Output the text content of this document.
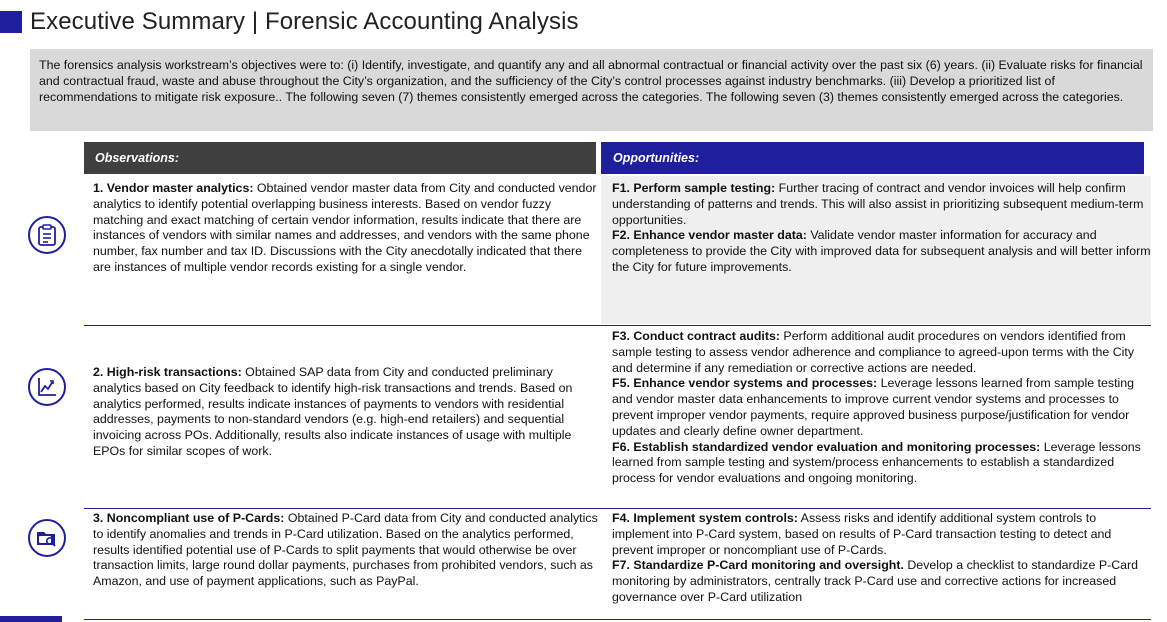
Executive Summary | Forensic Accounting Analysis
The forensics analysis workstream’s objectives were to: (i) Identify, investigate, and quantify any and all abnormal contractual or financial activity over the past six (6) years. (ii) Evaluate risks for financial and contractual fraud, waste and abuse throughout the City’s organization, and the sufficiency of the City’s control processes against industry benchmarks. (iii) Develop a prioritized list of recommendations to mitigate risk exposure.. The following seven (7) themes consistently emerged across the categories. The following seven (3) themes consistently emerged across the categories.
Observations:	Opportunities:
1. Vendor master analytics: Obtained vendor master data from City and conducted vendor analytics to identify potential overlapping business interests. Based on vendor fuzzy matching and exact matching of certain vendor information, results indicate that there are instances of vendors with similar names and addresses, and vendors with the same phone number, fax number and tax ID. Discussions with the City anecdotally indicated that there are instances of multiple vendor records existing for a single vendor.
F1. Perform sample testing: Further tracing of contract and vendor invoices will help confirm understanding of patterns and trends. This will also assist in prioritizing subsequent medium-term opportunities.
F2. Enhance vendor master data: Validate vendor master information for accuracy and completeness to provide the City with improved data for subsequent analysis and will better inform the City for future improvements.
2. High-risk transactions: Obtained SAP data from City and conducted preliminary analytics based on City feedback to identify high-risk transactions and trends. Based on analytics performed, results indicate instances of payments to vendors with residential addresses, payments to non-standard vendors (e.g. high-end retailers) and sequential invoicing across POs. Additionally, results also indicate instances of usage with multiple EPOs for similar scopes of work.
F3. Conduct contract audits: Perform additional audit procedures on vendors identified from sample testing to assess vendor adherence and compliance to agreed-upon terms with the City and determine if any remediation or corrective actions are needed.
F5. Enhance vendor systems and processes: Leverage lessons learned from sample testing and vendor master data enhancements to improve current vendor systems and processes to prevent improper vendor payments, require approved business purpose/justification for vendor updates and clearly define owner department.
F6. Establish standardized vendor evaluation and monitoring processes: Leverage lessons learned from sample testing and system/process enhancements to establish a standardized process for vendor evaluations and ongoing monitoring.
3. Noncompliant use of P-Cards: Obtained P-Card data from City and conducted analytics to identify anomalies and trends in P-Card utilization. Based on the analytics performed, results identified potential use of P-Cards to split payments that would otherwise be over transaction limits, large round dollar payments, purchases from prohibited vendors, such as Amazon, and use of payment applications, such as PayPal.
F4. Implement system controls: Assess risks and identify additional system controls to implement into P-Card system, based on results of P-Card transaction testing to detect and prevent improper or noncompliant use of P-Cards.
F7. Standardize P-Card monitoring and oversight. Develop a checklist to standardize P-Card monitoring by administrators, centrally track P-Card use and corrective actions for increased governance over P-Card utilization
